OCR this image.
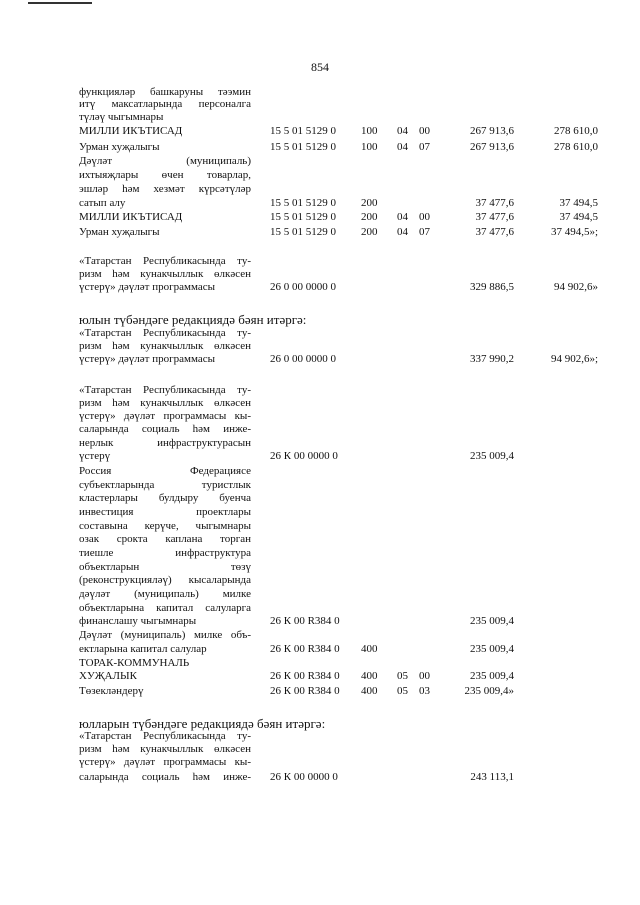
854
юлын түбәндәге редакциядә бәян итәргә:
юлларын түбәндәге редакциядә бәян итәргә:
функцияләр башкаруны тәэмин
итү максатларында персоналга
түләү чыгымнары
МИЛЛИ ИКЪТИСАД	15 5 01 5129 0 100 04 00	267 913,6	278 610,0
Урман хуҗалыгы	15 5 01 5129 0 100 04 07	267 913,6	278 610,0
Дәүләт (муниципаль)
ихтыяҗлары өчен товарлар,
эшләр һәм хезмәт күрсәтүләр
сатып алу	15 5 01 5129 0 200	37 477,6	37 494,5
МИЛЛИ ИКЪТИСАД	15 5 01 5129 0 200 04 00	37 477,6	37 494,5
Урман хуҗалыгы	15 5 01 5129 0 200 04 07	37 477,6	37 494,5»;
«Татарстан Республикасында ту-
ризм һәм кунакчыллык өлкәсен
үстерү» дәүләт программасы	26 0 00 0000 0	329 886,5	94 902,6»
«Татарстан Республикасында ту-
ризм һәм кунакчыллык өлкәсен
үстерү» дәүләт программасы	26 0 00 0000 0	337 990,2	94 902,6»;
«Татарстан Республикасында ту-
ризм һәм кунакчыллык өлкәсен
үстерү» дәүләт программасы кы-
саларында социаль һәм инже-
нерлык инфраструктурасын
үстерү	26 К 00 0000 0	235 009,4
Россия Федерациясе
субъектларында туристлык
кластерлары булдыру буенча
инвестиция проектлары
составына керүче, чыгымнары
озак срокта каплана торган
тиешле инфраструктура
объектларын төзү
(реконструкцияләү) кысаларында
дәүләт (муниципаль) милке
объектларына капитал салуларга
финанслашу чыгымнары	26 К 00 R384 0	235 009,4
Дәүләт (муниципаль) милке объ-
ектларына капитал салулар	26 К 00 R384 0 400	235 009,4
ТОРАК-КОММУНАЛЬ
ХУҖАЛЫК	26 К 00 R384 0 400 05 00	235 009,4
Төзекләндерү	26 К 00 R384 0 400 05 03	235 009,4»
«Татарстан Республикасында ту-
ризм һәм кунакчыллык өлкәсен
үстерү» дәүләт программасы кы-
саларында социаль һәм инже- 26 К 00 0000 0	243 113,1
